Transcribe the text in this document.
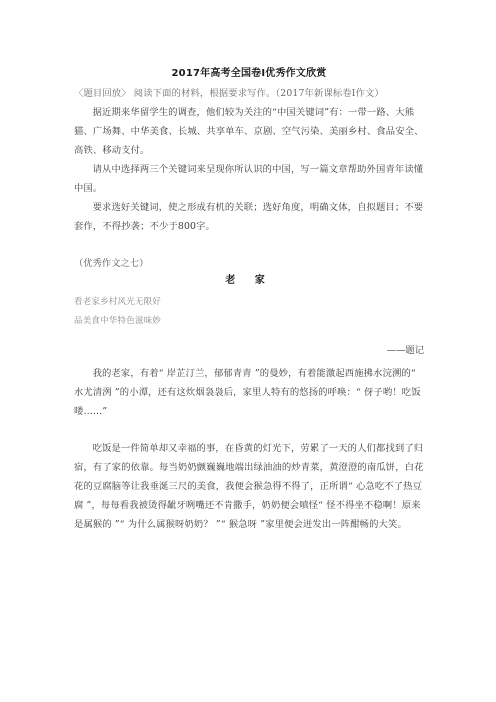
2017年高考全国卷Ⅰ优秀作文欣赏

〈题目回放〉 阅读下面的材料，根据要求写作。（2017年新课标卷Ⅰ作文）

据近期来华留学生的调查，他们较为关注的“中国关键词”有：一带一路、大熊猫、广场舞、中华美食、长城、共享单车、京剧、空气污染、美丽乡村、食品安全、高铁、移动支付。

请从中选择两三个关键词来呈现你所认识的中国，写一篇文章帮助外国青年读懂中国。

要求选好关键词，使之形成有机的关联；选好角度，明确文体，自拟题目；不要套作，不得抄袭；不少于800字。

（优秀作文之七）

老 家

看老家乡村风光无限好

品美食中华特色滋味妙

——题记

我的老家，有着“ 岸芷汀兰，郁郁青青 ”的曼妙，有着能激起西施拂水浣溯的“ 水尤清洌 ”的小潭，还有这炊烟袅袅后，家里人特有的悠扬的呼唤：“ 伢子哟！吃饭喽……”

吃饭是一件简单却又幸福的事，在昏黄的灯光下，劳累了一天的人们都找到了归宿，有了家的依靠。每当奶奶颤巍巍地端出绿油油的炒青菜，黄澄澄的南瓜饼，白花花的豆腐脑等让我垂涎三尺的美食，我便会猴急得不得了，正所谓“ 心急吃不了热豆腐 ”，每每看我被烫得龇牙咧嘴还不肯撒手，奶奶便会嗔怪“ 怪不得坐不稳啊！原来是属猴的 ”“ 为什么属猴呀奶奶？ ”“ 猴急呀 ”家里便会迸发出一阵酣畅的大笑。
